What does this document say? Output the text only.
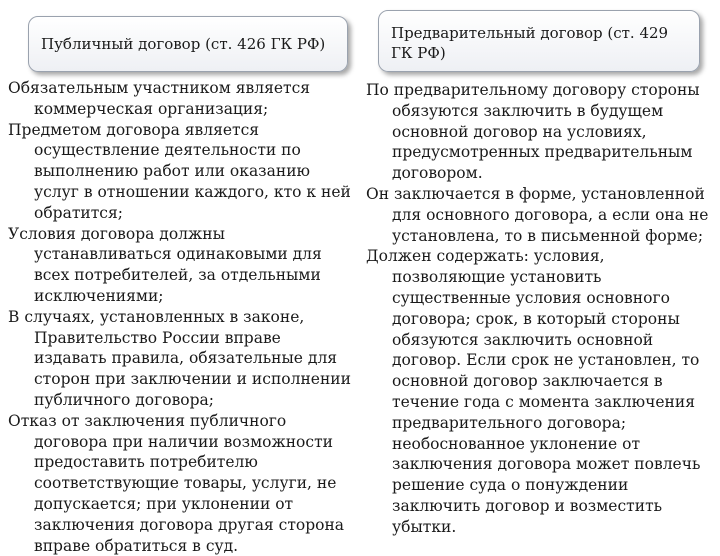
Публичный договор (ст. 426 ГК РФ)
Предварительный договор (ст. 429 ГК РФ)

Обязательным участником является коммерческая организация;

Предметом договора является осуществление деятельности по выполнению работ или оказанию услуг в отношении каждого, кто к ней обратится;

Условия договора должны устанавливаться одинаковыми для всех потребителей, за отдельными исключениями;

В случаях, установленных в законе, Правительство России вправе издавать правила, обязательные для сторон при заключении и исполнении публичного договора;

Отказ от заключения публичного договора при наличии возможности предоставить потребителю соответствующие товары, услуги, не допускается; при уклонении от заключения договора другая сторона вправе обратиться в суд.

По предварительному договору стороны обязуются заключить в будущем основной договор на условиях, предусмотренных предварительным договором.

Он заключается в форме, установленной для основного договора, а если она не установлена, то в письменной форме;

Должен содержать: условия, позволяющие установить существенные условия основного договора; срок, в который стороны обязуются заключить основной договор. Если срок не установлен, то основной договор заключается в течение года с момента заключения предварительного договора; необоснованное уклонение от заключения договора может повлечь решение суда о понуждении заключить договор и возместить убытки.
